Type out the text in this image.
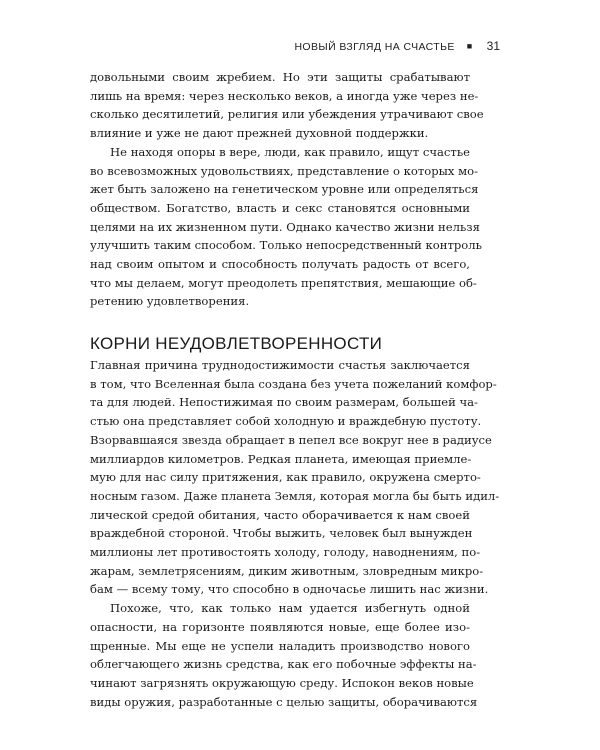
НОВЫЙ ВЗГЛЯД НА СЧАСТЬЕ ■ 31

довольными своим жребием. Но эти защиты срабатывают
лишь на время: через несколько веков, а иногда уже через не-
сколько десятилетий, религия или убеждения утрачивают свое
влияние и уже не дают прежней духовной поддержки.

Не находя опоры в вере, люди, как правило, ищут счастье
во всевозможных удовольствиях, представление о которых мо-
жет быть заложено на генетическом уровне или определяться
обществом. Богатство, власть и секс становятся основными
целями на их жизненном пути. Однако качество жизни нельзя
улучшить таким способом. Только непосредственный контроль
над своим опытом и способность получать радость от всего,
что мы делаем, могут преодолеть препятствия, мешающие об-
ретению удовлетворения.

КОРНИ НЕУДОВЛЕТВОРЕННОСТИ

Главная причина труднодостижимости счастья заключается
в том, что Вселенная была создана без учета пожеланий комфор-
та для людей. Непостижимая по своим размерам, большей ча-
стью она представляет собой холодную и враждебную пустоту.
Взорвавшаяся звезда обращает в пепел все вокруг нее в радиусе
миллиардов километров. Редкая планета, имеющая приемле-
мую для нас силу притяжения, как правило, окружена смерто-
носным газом. Даже планета Земля, которая могла бы быть идил-
лической средой обитания, часто оборачивается к нам своей
враждебной стороной. Чтобы выжить, человек был вынужден
миллионы лет противостоять холоду, голоду, наводнениям, по-
жарам, землетрясениям, диким животным, зловредным микро-
бам — всему тому, что способно в одночасье лишить нас жизни.

Похоже, что, как только нам удается избегнуть одной
опасности, на горизонте появляются новые, еще более изо-
щренные. Мы еще не успели наладить производство нового
облегчающего жизнь средства, как его побочные эффекты на-
чинают загрязнять окружающую среду. Испокон веков новые
виды оружия, разработанные с целью защиты, оборачиваются
